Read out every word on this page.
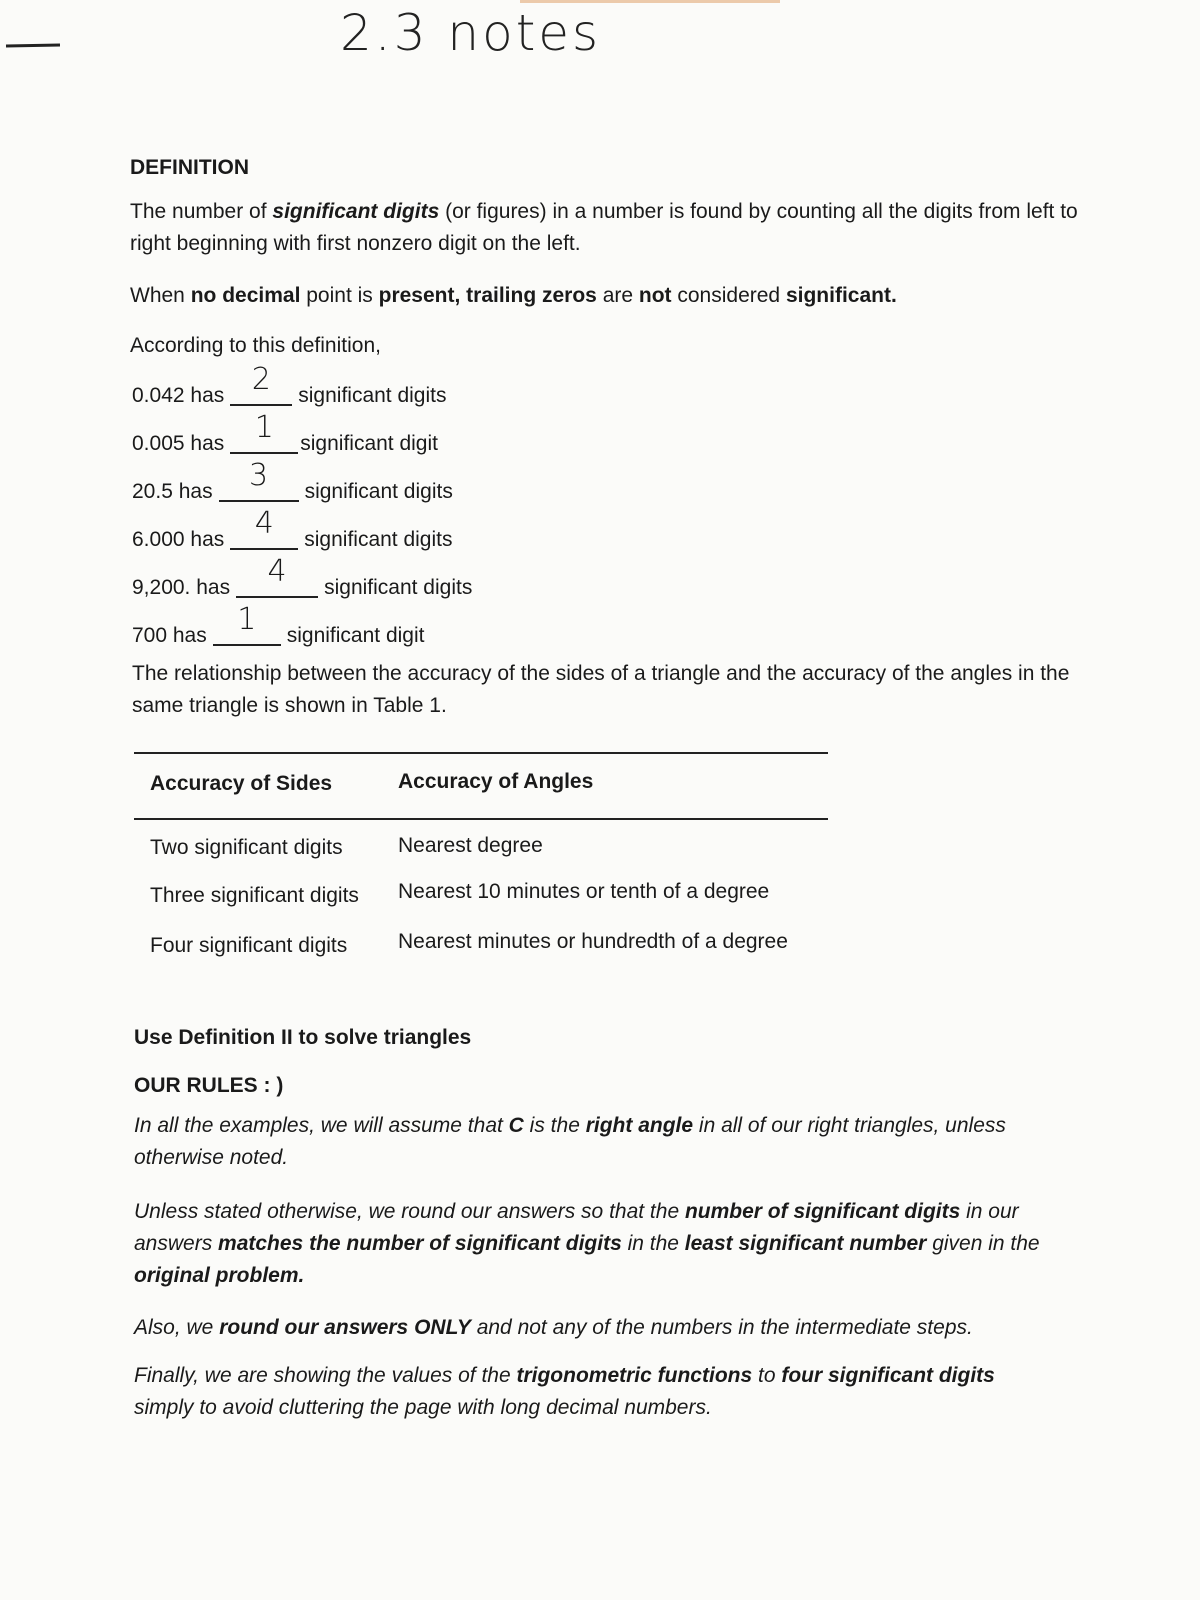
2.3 notes
DEFINITION
The number of significant digits (or figures) in a number is found by counting all the digits from left to right beginning with first nonzero digit on the left.
When no decimal point is present, trailing zeros are not considered significant.
According to this definition,
0.042 has 2	significant digits
0.005 has	1	significant digit
20.5 has	3	significant digits
6.000 has	4	significant digits
9,200. has	4	significant digits
700 has	1	significant digit
The relationship between the accuracy of the sides of a triangle and the accuracy of the angles in the same triangle is shown in Table 1.
Accuracy of Sides	Accuracy of Angles
Two significant digits	Nearest degree
Three significant digits Nearest 10 minutes or tenth of a degree
Four significant digits Nearest minutes or hundredth of a degree
Use Definition II to solve triangles
OUR RULES : )
In all the examples, we will assume that C is the right angle in all of our right triangles, unless otherwise noted.
Unless stated otherwise, we round our answers so that the number of significant digits in our answers matches the number of significant digits in the least significant number given in the original problem.
Also, we round our answers ONLY and not any of the numbers in the intermediate steps.
Finally, we are showing the values of the trigonometric functions to four significant digits simply to avoid cluttering the page with long decimal numbers.
